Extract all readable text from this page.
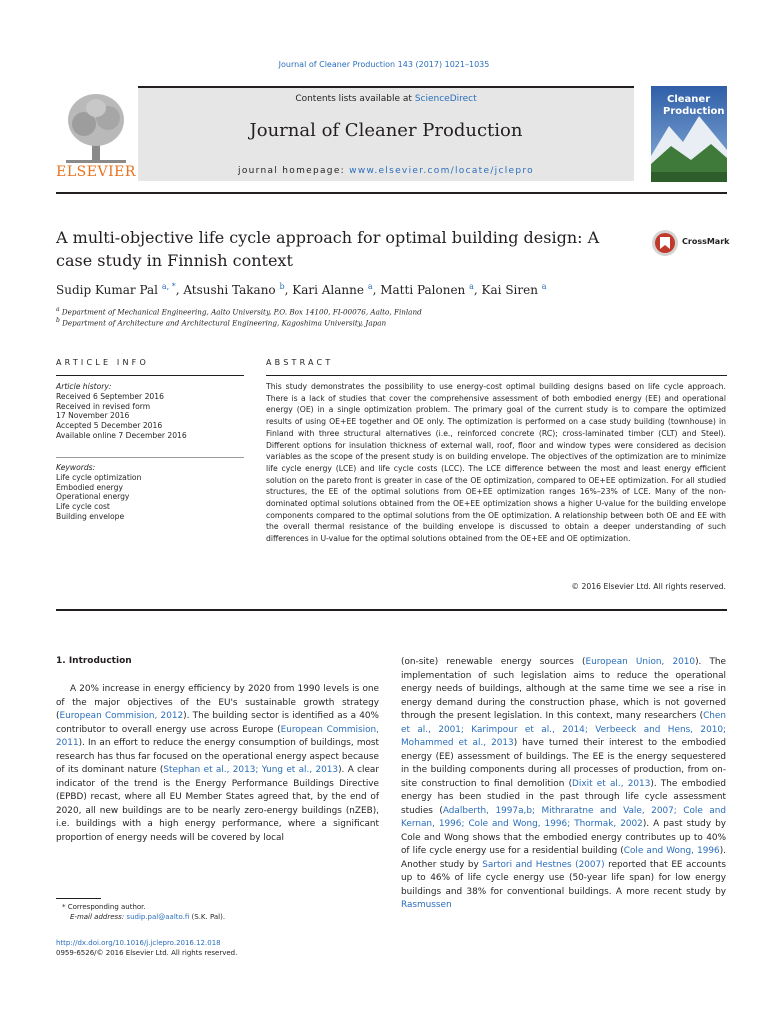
Journal of Cleaner Production 143 (2017) 1021–1035
ELSEVIER
Contents lists available at ScienceDirect
Journal of Cleaner Production
journal homepage: www.elsevier.com/locate/jclepro
Cleaner
Production
A multi-objective life cycle approach for optimal building design: A case study in Finnish context
CrossMark
Sudip Kumar Pal $^{a, *}$, Atsushi Takano $^b$, Kari Alanne $^a$, Matti Palonen $^a$, Kai Siren $^a$
$^a$ Department of Mechanical Engineering, Aalto University, P.O. Box 14100, FI-00076, Aalto, Finland
$^b$ Department of Architecture and Architectural Engineering, Kagoshima University, Japan
ARTICLE INFO	ABSTRACT
Article history:
Received 6 September 2016
Received in revised form
17 November 2016
Accepted 5 December 2016
Available online 7 December 2016
Keywords:
Life cycle optimization
Embodied energy
Operational energy
Life cycle cost
Building envelope
This study demonstrates the possibility to use energy-cost optimal building designs based on life cycle approach. There is a lack of studies that cover the comprehensive assessment of both embodied energy (EE) and operational energy (OE) in a single optimization problem. The primary goal of the current study is to compare the optimized results of using OE+EE together and OE only. The optimization is performed on a case study building (townhouse) in Finland with three structural alternatives (i.e., reinforced concrete (RC); cross-laminated timber (CLT) and Steel). Different options for insulation thickness of external wall, roof, floor and window types were considered as decision variables as the scope of the present study is on building envelope. The objectives of the optimization are to minimize life cycle energy (LCE) and life cycle costs (LCC). The LCE difference between the most and least energy efficient solution on the pareto front is greater in case of the OE optimization, compared to OE+EE optimization. For all studied structures, the EE of the optimal solutions from OE+EE optimization ranges 16%–23% of LCE. Many of the non-dominated optimal solutions obtained from the OE+EE optimization shows a higher U-value for the building envelope components compared to the optimal solutions from the OE optimization. A relationship between both OE and EE with the overall thermal resistance of the building envelope is discussed to obtain a deeper understanding of such differences in U-value for the optimal solutions obtained from the OE+EE and OE optimization.
© 2016 Elsevier Ltd. All rights reserved.
1. Introduction
A 20% increase in energy efficiency by 2020 from 1990 levels is one of the major objectives of the EU's sustainable growth strategy (European Commision, 2012). The building sector is identified as a 40% contributor to overall energy use across Europe (European Commision, 2011). In an effort to reduce the energy consumption of buildings, most research has thus far focused on the operational energy aspect because of its dominant nature (Stephan et al., 2013; Yung et al., 2013). A clear indicator of the trend is the Energy Performance Buildings Directive (EPBD) recast, where all EU Member States agreed that, by the end of 2020, all new buildings are to be nearly zero-energy buildings (nZEB), i.e. buildings with a high energy performance, where a significant proportion of energy needs will be covered by local
(on-site) renewable energy sources (European Union, 2010). The implementation of such legislation aims to reduce the operational energy needs of buildings, although at the same time we see a rise in energy demand during the construction phase, which is not governed through the present legislation. In this context, many researchers (Chen et al., 2001; Karimpour et al., 2014; Verbeeck and Hens, 2010; Mohammed et al., 2013) have turned their interest to the embodied energy (EE) assessment of buildings. The EE is the energy sequestered in the building components during all processes of production, from on-site construction to final demolition (Dixit et al., 2013). The embodied energy has been studied in the past through life cycle assessment studies (Adalberth, 1997a,b; Mithraratne and Vale, 2007; Cole and Kernan, 1996; Cole and Wong, 1996; Thormak, 2002). A past study by Cole and Wong shows that the embodied energy contributes up to 40% of life cycle energy use for a residential building (Cole and Wong, 1996). Another study by Sartori and Hestnes (2007) reported that EE accounts up to 46% of life cycle energy use (50-year life span) for low energy buildings and 38% for conventional buildings. A more recent study by Rasmussen
* Corresponding author.
E-mail address: sudip.pal@aalto.fi (S.K. Pal).
http://dx.doi.org/10.1016/j.jclepro.2016.12.018
0959-6526/© 2016 Elsevier Ltd. All rights reserved.
